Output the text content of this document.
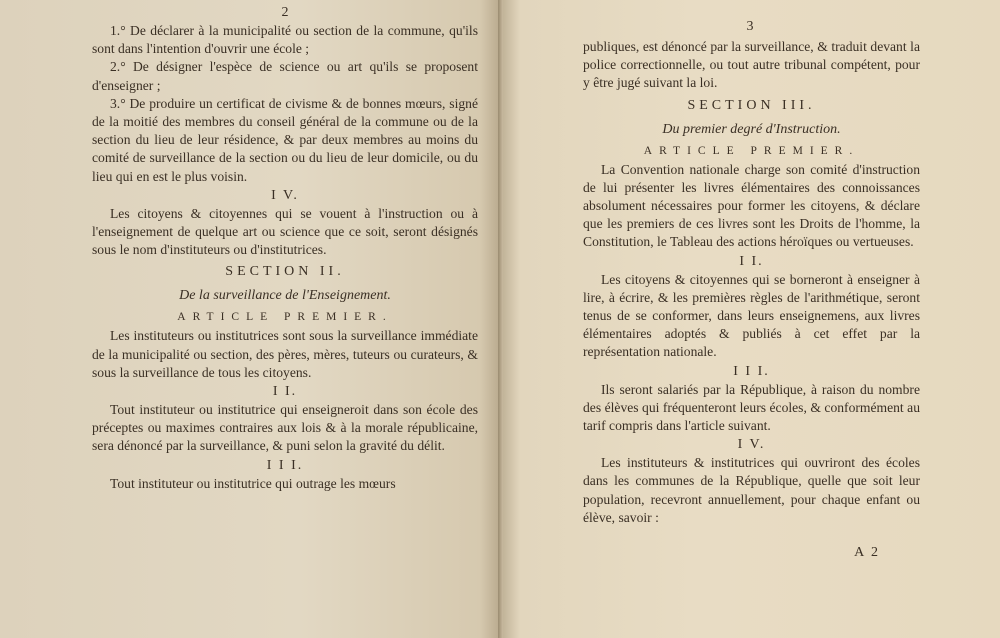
2

1.° De déclarer à la municipalité ou section de la commune, qu'ils sont dans l'intention d'ouvrir une école ;

2.° De désigner l'espèce de science ou art qu'ils se proposent d'enseigner ;

3.° De produire un certificat de civisme & de bonnes mœurs, signé de la moitié des membres du conseil général de la commune ou de la section du lieu de leur résidence, & par deux membres au moins du comité de surveillance de la section ou du lieu de leur domicile, ou du lieu qui en est le plus voisin.

I V.

Les citoyens & citoyennes qui se vouent à l'instruction ou à l'enseignement de quelque art ou science que ce soit, seront désignés sous le nom d'instituteurs ou d'institutrices.

SECTION II.
De la surveillance de l'Enseignement.
ARTICLE PREMIER.

Les instituteurs ou institutrices sont sous la surveillance immédiate de la municipalité ou section, des pères, mères, tuteurs ou curateurs, & sous la surveillance de tous les citoyens.

I I.

Tout instituteur ou institutrice qui enseigneroit dans son école des préceptes ou maximes contraires aux lois & à la morale républicaine, sera dénoncé par la surveillance, & puni selon la gravité du délit.

I I I.

Tout instituteur ou institutrice qui outrage les mœurs

3

publiques, est dénoncé par la surveillance, & traduit devant la police correctionnelle, ou tout autre tribunal compétent, pour y être jugé suivant la loi.

SECTION III.
Du premier degré d'Instruction.
ARTICLE PREMIER.

La Convention nationale charge son comité d'instruction de lui présenter les livres élémentaires des connoissances absolument nécessaires pour former les citoyens, & déclare que les premiers de ces livres sont les Droits de l'homme, la Constitution, le Tableau des actions héroïques ou vertueuses.

I I.

Les citoyens & citoyennes qui se borneront à enseigner à lire, à écrire, & les premières règles de l'arithmétique, seront tenus de se conformer, dans leurs enseignemens, aux livres élémentaires adoptés & publiés à cet effet par la représentation nationale.

I I I.

Ils seront salariés par la République, à raison du nombre des élèves qui fréquenteront leurs écoles, & conformément au tarif compris dans l'article suivant.

I V.

Les instituteurs & institutrices qui ouvriront des écoles dans les communes de la République, quelle que soit leur population, recevront annuellement, pour chaque enfant ou élève, savoir :

A 2
